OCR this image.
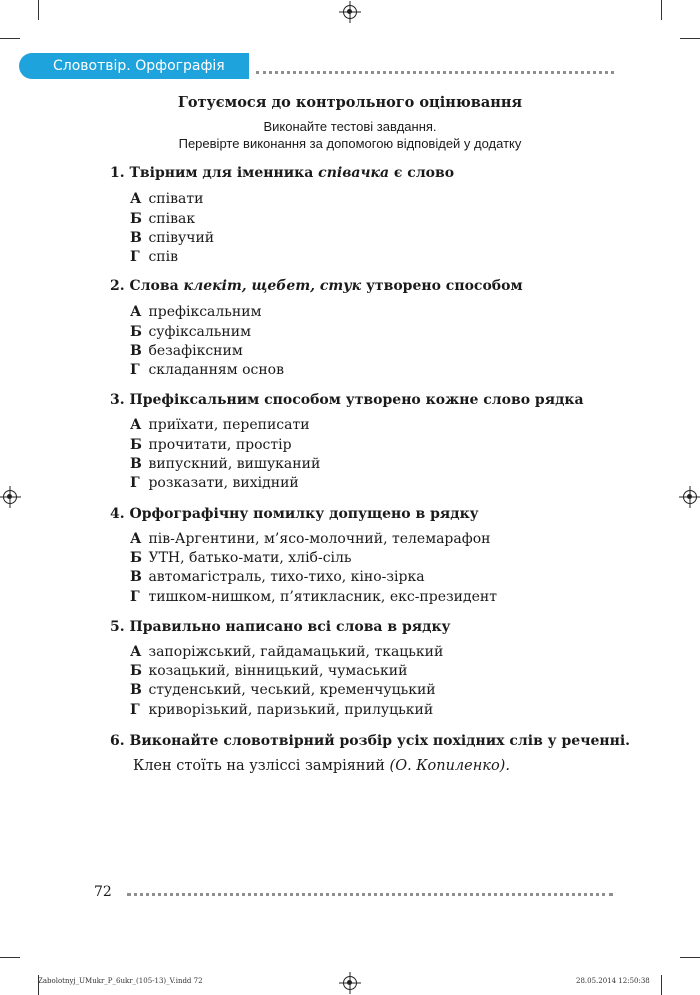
Словотвір. Орфографія
Готуємося до контрольного оцінювання
Виконайте тестові завдання.
Перевірте виконання за допомогою відповідей у додатку
1. Твірним для іменника співачка є слово
А співати
Б співак
В співучий
Г спів
2. Слова клекіт, щебет, стук утворено способом
А префіксальним
Б суфіксальним
В безафіксним
Г складанням основ
3. Префіксальним способом утворено кожне слово рядка
А приїхати, переписати
Б прочитати, простір
В випускний, вишуканий
Г розказати, вихідний
4. Орфографічну помилку допущено в рядку
А пів-Аргентини, м’ясо-молочний, телемарафон
Б УТН, батько-мати, хліб-сіль
В автомагістраль, тихо-тихо, кіно-зірка
Г тишком-нишком, п’ятикласник, екс-президент
5. Правильно написано всі слова в рядку
А запоріжський, гайдамацький, ткацький
Б козацький, вінницький, чумаський
В студенський, чеський, кременчуцький
Г криворізький, паризький, прилуцький
6. Виконайте словотвірний розбір усіх похідних слів у реченні.
Клен стоїть на узліссі замріяний (О. Копиленко).
72
Zabolotnyj_UMukr_P_6ukr_(105-13)_V.indd 72	28.05.2014 12:50:38
